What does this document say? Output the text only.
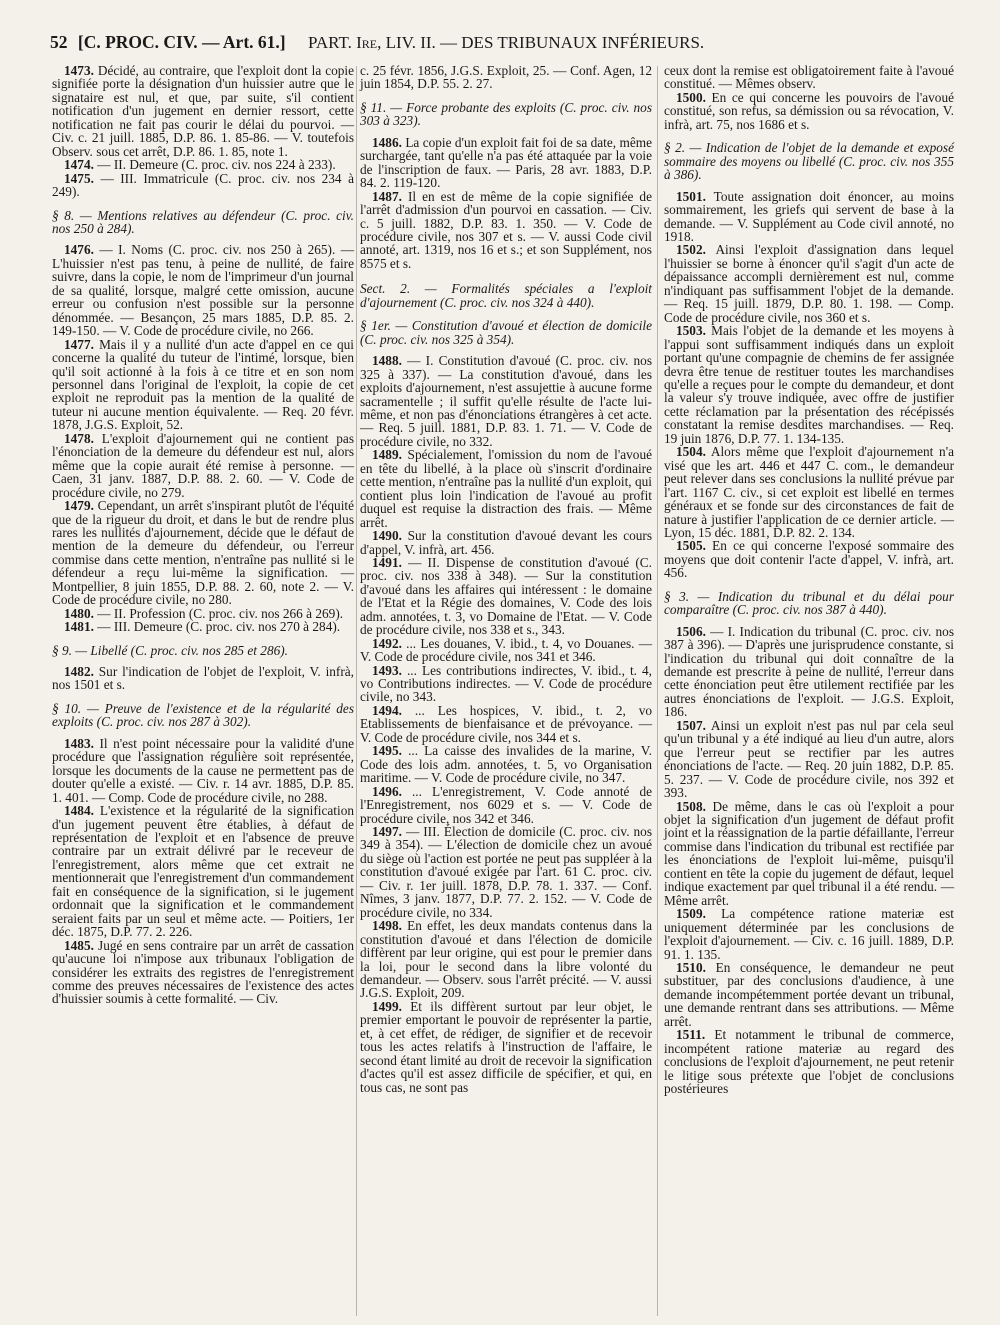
52 [C. PROC. CIV. — Art. 61.] PART. Ire, LIV. II. — DES TRIBUNAUX INFÉRIEURS.

1473. Décidé, au contraire, que l'exploit dont la copie signifiée porte la désignation d'un huissier autre que le signataire est nul, et que, par suite, s'il contient notification d'un jugement en dernier ressort, cette notification ne fait pas courir le délai du pourvoi. — Civ. c. 21 juill. 1885, D.P. 86. 1. 85-86. — V. toutefois Observ. sous cet arrêt, D.P. 86. 1. 85, note 1.

1474. — II. Demeure (C. proc. civ. nos 224 à 233).

1475. — III. Immatricule (C. proc. civ. nos 234 à 249).

§ 8. — Mentions relatives au défendeur (C. proc. civ. nos 250 à 284).

1476. — I. Noms (C. proc. civ. nos 250 à 265). — L'huissier n'est pas tenu, à peine de nullité, de faire suivre, dans la copie, le nom de l'imprimeur d'un journal de sa qualité, lorsque, malgré cette omission, aucune erreur ou confusion n'est possible sur la personne dénommée. — Besançon, 25 mars 1885, D.P. 85. 2. 149-150. — V. Code de procédure civile, no 266.

1477. Mais il y a nullité d'un acte d'appel en ce qui concerne la qualité du tuteur de l'intimé, lorsque, bien qu'il soit actionné à la fois à ce titre et en son nom personnel dans l'original de l'exploit, la copie de cet exploit ne reproduit pas la mention de la qualité de tuteur ni aucune mention équivalente. — Req. 20 févr. 1878, J.G.S. Exploit, 52.

1478. L'exploit d'ajournement qui ne contient pas l'énonciation de la demeure du défendeur est nul, alors même que la copie aurait été remise à personne. — Caen, 31 janv. 1887, D.P. 88. 2. 60. — V. Code de procédure civile, no 279.

1479. Cependant, un arrêt s'inspirant plutôt de l'équité que de la rigueur du droit, et dans le but de rendre plus rares les nullités d'ajournement, décide que le défaut de mention de la demeure du défendeur, ou l'erreur commise dans cette mention, n'entraîne pas nullité si le défendeur a reçu lui-même la signification. — Montpellier, 8 juin 1855, D.P. 88. 2. 60, note 2. — V. Code de procédure civile, no 280.

1480. — II. Profession (C. proc. civ. nos 266 à 269).

1481. — III. Demeure (C. proc. civ. nos 270 à 284).

§ 9. — Libellé (C. proc. civ. nos 285 et 286).

1482. Sur l'indication de l'objet de l'exploit, V. infrà, nos 1501 et s.

§ 10. — Preuve de l'existence et de la régularité des exploits (C. proc. civ. nos 287 à 302).

1483. Il n'est point nécessaire pour la validité d'une procédure que l'assignation régulière soit représentée, lorsque les documents de la cause ne permettent pas de douter qu'elle a existé. — Civ. r. 14 avr. 1885, D.P. 85. 1. 401. — Comp. Code de procédure civile, no 288.

1484. L'existence et la régularité de la signification d'un jugement peuvent être établies, à défaut de représentation de l'exploit et en l'absence de preuve contraire par un extrait délivré par le receveur de l'enregistrement, alors même que cet extrait ne mentionnerait que l'enregistrement d'un commandement fait en conséquence de la signification, si le jugement ordonnait que la signification et le commandement seraient faits par un seul et même acte. — Poitiers, 1er déc. 1875, D.P. 77. 2. 226.

1485. Jugé en sens contraire par un arrêt de cassation qu'aucune loi n'impose aux tribunaux l'obligation de considérer les extraits des registres de l'enregistrement comme des preuves nécessaires de l'existence des actes d'huissier soumis à cette formalité. — Civ.

c. 25 févr. 1856, J.G.S. Exploit, 25. — Conf. Agen, 12 juin 1854, D.P. 55. 2. 27.

§ 11. — Force probante des exploits (C. proc. civ. nos 303 à 323).

1486. La copie d'un exploit fait foi de sa date, même surchargée, tant qu'elle n'a pas été attaquée par la voie de l'inscription de faux. — Paris, 28 avr. 1883, D.P. 84. 2. 119-120.

1487. Il en est de même de la copie signifiée de l'arrêt d'admission d'un pourvoi en cassation. — Civ. c. 5 juill. 1882, D.P. 83. 1. 350. — V. Code de procédure civile, nos 307 et s. — V. aussi Code civil annoté, art. 1319, nos 16 et s.; et son Supplément, nos 8575 et s.

Sect. 2. — Formalités spéciales a l'exploit d'ajournement (C. proc. civ. nos 324 à 440).

§ 1er. — Constitution d'avoué et élection de domicile (C. proc. civ. nos 325 à 354).

1488. — I. Constitution d'avoué (C. proc. civ. nos 325 à 337). — La constitution d'avoué, dans les exploits d'ajournement, n'est assujettie à aucune forme sacramentelle ; il suffit qu'elle résulte de l'acte lui-même, et non pas d'énonciations étrangères à cet acte. — Req. 5 juill. 1881, D.P. 83. 1. 71. — V. Code de procédure civile, no 332.

1489. Spécialement, l'omission du nom de l'avoué en tête du libellé, à la place où s'inscrit d'ordinaire cette mention, n'entraîne pas la nullité d'un exploit, qui contient plus loin l'indication de l'avoué au profit duquel est requise la distraction des frais. — Même arrêt.

1490. Sur la constitution d'avoué devant les cours d'appel, V. infrà, art. 456.

1491. — II. Dispense de constitution d'avoué (C. proc. civ. nos 338 à 348). — Sur la constitution d'avoué dans les affaires qui intéressent : le domaine de l'Etat et la Régie des domaines, V. Code des lois adm. annotées, t. 3, vo Domaine de l'Etat. — V. Code de procédure civile, nos 338 et s., 343.

1492. ... Les douanes, V. ibid., t. 4, vo Douanes. — V. Code de procédure civile, nos 341 et 346.

1493. ... Les contributions indirectes, V. ibid., t. 4, vo Contributions indirectes. — V. Code de procédure civile, no 343.

1494. ... Les hospices, V. ibid., t. 2, vo Etablissements de bienfaisance et de prévoyance. — V. Code de procédure civile, nos 344 et s.

1495. ... La caisse des invalides de la marine, V. Code des lois adm. annotées, t. 5, vo Organisation maritime. — V. Code de procédure civile, no 347.

1496. ... L'enregistrement, V. Code annoté de l'Enregistrement, nos 6029 et s. — V. Code de procédure civile, nos 342 et 346.

1497. — III. Élection de domicile (C. proc. civ. nos 349 à 354). — L'élection de domicile chez un avoué du siège où l'action est portée ne peut pas suppléer à la constitution d'avoué exigée par l'art. 61 C. proc. civ. — Civ. r. 1er juill. 1878, D.P. 78. 1. 337. — Conf. Nîmes, 3 janv. 1877, D.P. 77. 2. 152. — V. Code de procédure civile, no 334.

1498. En effet, les deux mandats contenus dans la constitution d'avoué et dans l'élection de domicile diffèrent par leur origine, qui est pour le premier dans la loi, pour le second dans la libre volonté du demandeur. — Observ. sous l'arrêt précité. — V. aussi J.G.S. Exploit, 209.

1499. Et ils diffèrent surtout par leur objet, le premier emportant le pouvoir de représenter la partie, et, à cet effet, de rédiger, de signifier et de recevoir tous les actes relatifs à l'instruction de l'affaire, le second étant limité au droit de recevoir la signification d'actes qu'il est assez difficile de spécifier, et qui, en tous cas, ne sont pas

ceux dont la remise est obligatoirement faite à l'avoué constitué. — Mêmes observ.

1500. En ce qui concerne les pouvoirs de l'avoué constitué, son refus, sa démission ou sa révocation, V. infrà, art. 75, nos 1686 et s.

§ 2. — Indication de l'objet de la demande et exposé sommaire des moyens ou libellé (C. proc. civ. nos 355 à 386).

1501. Toute assignation doit énoncer, au moins sommairement, les griefs qui servent de base à la demande. — V. Supplément au Code civil annoté, no 1918.

1502. Ainsi l'exploit d'assignation dans lequel l'huissier se borne à énoncer qu'il s'agit d'un acte de dépaissance accompli dernièrement est nul, comme n'indiquant pas suffisamment l'objet de la demande. — Req. 15 juill. 1879, D.P. 80. 1. 198. — Comp. Code de procédure civile, nos 360 et s.

1503. Mais l'objet de la demande et les moyens à l'appui sont suffisamment indiqués dans un exploit portant qu'une compagnie de chemins de fer assignée devra être tenue de restituer toutes les marchandises qu'elle a reçues pour le compte du demandeur, et dont la valeur s'y trouve indiquée, avec offre de justifier cette réclamation par la présentation des récépissés constatant la remise desdites marchandises. — Req. 19 juin 1876, D.P. 77. 1. 134-135.

1504. Alors même que l'exploit d'ajournement n'a visé que les art. 446 et 447 C. com., le demandeur peut relever dans ses conclusions la nullité prévue par l'art. 1167 C. civ., si cet exploit est libellé en termes généraux et se fonde sur des circonstances de fait de nature à justifier l'application de ce dernier article. — Lyon, 15 déc. 1881, D.P. 82. 2. 134.

1505. En ce qui concerne l'exposé sommaire des moyens que doit contenir l'acte d'appel, V. infrà, art. 456.

§ 3. — Indication du tribunal et du délai pour comparaître (C. proc. civ. nos 387 à 440).

1506. — I. Indication du tribunal (C. proc. civ. nos 387 à 396). — D'après une jurisprudence constante, si l'indication du tribunal qui doit connaître de la demande est prescrite à peine de nullité, l'erreur dans cette énonciation peut être utilement rectifiée par les autres énonciations de l'exploit. — J.G.S. Exploit, 186.

1507. Ainsi un exploit n'est pas nul par cela seul qu'un tribunal y a été indiqué au lieu d'un autre, alors que l'erreur peut se rectifier par les autres énonciations de l'acte. — Req. 20 juin 1882, D.P. 85. 5. 237. — V. Code de procédure civile, nos 392 et 393.

1508. De même, dans le cas où l'exploit a pour objet la signification d'un jugement de défaut profit joint et la réassignation de la partie défaillante, l'erreur commise dans l'indication du tribunal est rectifiée par les énonciations de l'exploit lui-même, puisqu'il contient en tête la copie du jugement de défaut, lequel indique exactement par quel tribunal il a été rendu. — Même arrêt.

1509. La compétence ratione materiæ est uniquement déterminée par les conclusions de l'exploit d'ajournement. — Civ. c. 16 juill. 1889, D.P. 91. 1. 135.

1510. En conséquence, le demandeur ne peut substituer, par des conclusions d'audience, à une demande incompétemment portée devant un tribunal, une demande rentrant dans ses attributions. — Même arrêt.

1511. Et notamment le tribunal de commerce, incompétent ratione materiæ au regard des conclusions de l'exploit d'ajournement, ne peut retenir le litige sous prétexte que l'objet de conclusions postérieures
